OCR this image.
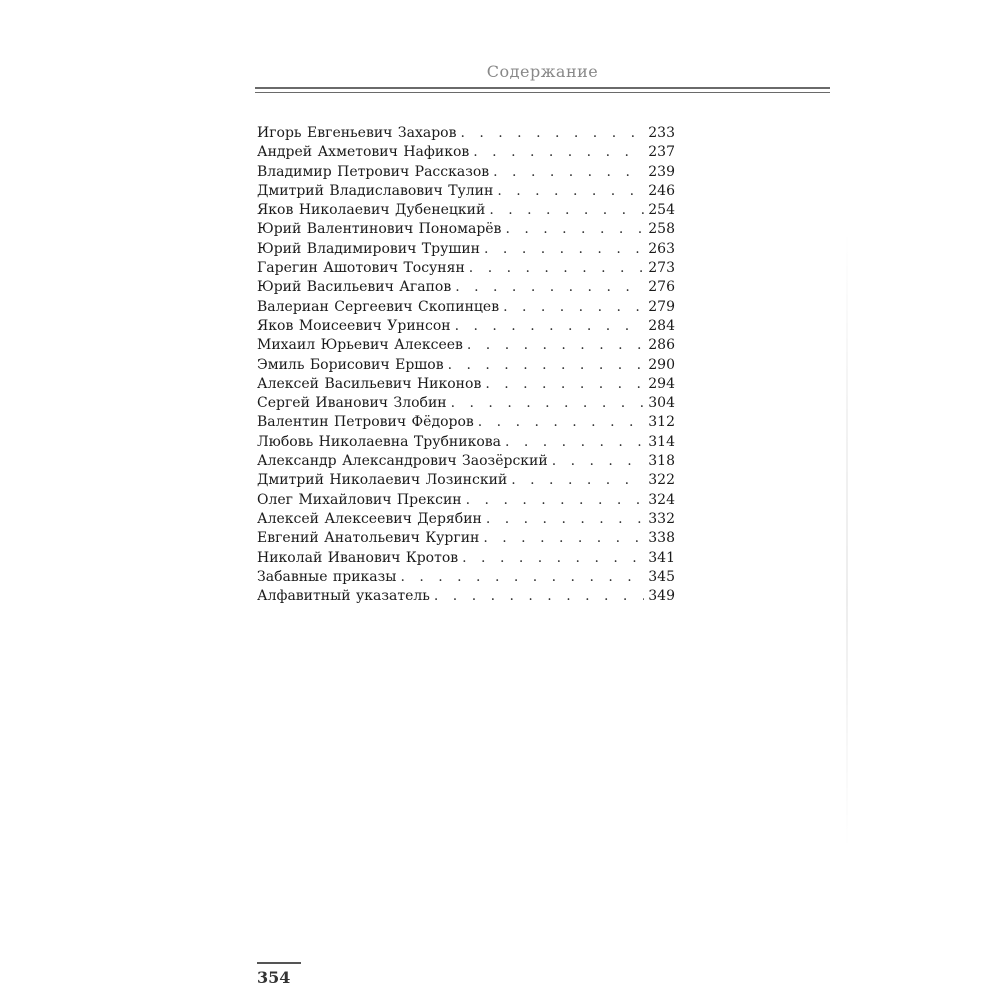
Содержание
Игорь Евгеньевич Захаров . . .	233
Андрей Ахметович Нафиков . . .	237
Владимир Петрович Рассказов . . .	239
Дмитрий Владиславович Тулин . . .	246
Яков Николаевич Дубенецкий . . .	254
Юрий Валентинович Пономарёв . . .	258
Юрий Владимирович Трушин . . .	263
Гарегин Ашотович Тосунян . . .	273
Юрий Васильевич Агапов . . .	276
Валериан Сергеевич Скопинцев . . .	279
Яков Моисеевич Уринсон . . .	284
Михаил Юрьевич Алексеев . . .	286
Эмиль Борисович Ершов . . .	290
Алексей Васильевич Никонов . . .	294
Сергей Иванович Злобин . . .	304
Валентин Петрович Фёдоров . . .	312
Любовь Николаевна Трубникова . . .	314
Александр Александрович Заозёрский . . .	318
Дмитрий Николаевич Лозинский . . .	322
Олег Михайлович Прексин . . .	324
Алексей Алексеевич Дерябин . . .	332
Евгений Анатольевич Кургин . . .	338
Николай Иванович Кротов . . .	341
Забавные приказы . . .	345
Алфавитный указатель . . .	349
354
